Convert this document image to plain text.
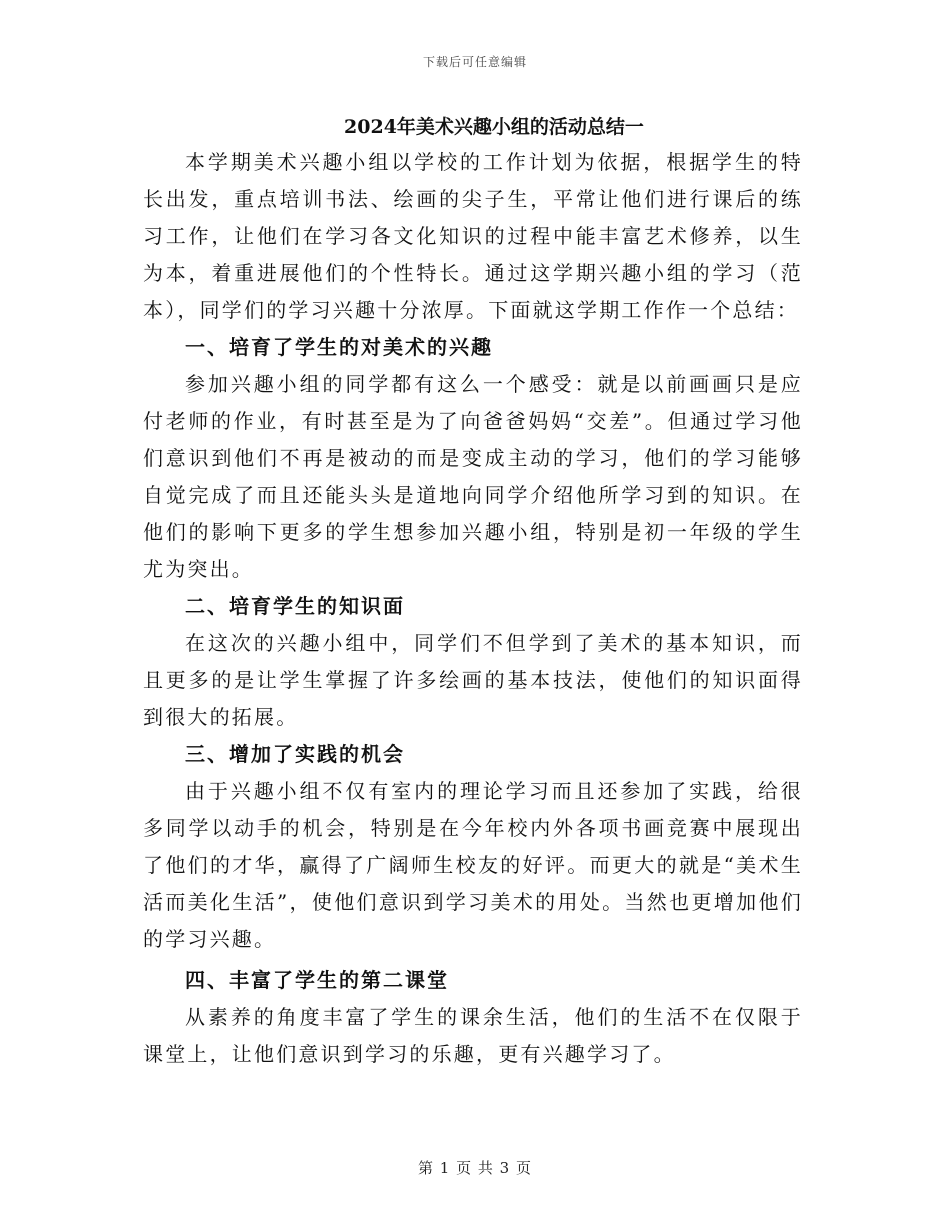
下载后可任意编辑
2024年美术兴趣小组的活动总结一

本学期美术兴趣小组以学校的工作计划为依据，根据学生的特长出发，重点培训书法、绘画的尖子生，平常让他们进行课后的练习工作，让他们在学习各文化知识的过程中能丰富艺术修养，以生为本，着重进展他们的个性特长。通过这学期兴趣小组的学习（范本），同学们的学习兴趣十分浓厚。下面就这学期工作作一个总结：

一、培育了学生的对美术的兴趣

参加兴趣小组的同学都有这么一个感受：就是以前画画只是应付老师的作业，有时甚至是为了向爸爸妈妈“交差”。但通过学习他们意识到他们不再是被动的而是变成主动的学习，他们的学习能够自觉完成了而且还能头头是道地向同学介绍他所学习到的知识。在他们的影响下更多的学生想参加兴趣小组，特别是初一年级的学生尤为突出。

二、培育学生的知识面

在这次的兴趣小组中，同学们不但学到了美术的基本知识，而且更多的是让学生掌握了许多绘画的基本技法，使他们的知识面得到很大的拓展。

三、增加了实践的机会

由于兴趣小组不仅有室内的理论学习而且还参加了实践，给很多同学以动手的机会，特别是在今年校内外各项书画竞赛中展现出了他们的才华，赢得了广阔师生校友的好评。而更大的就是“美术生活而美化生活”，使他们意识到学习美术的用处。当然也更增加他们的学习兴趣。

四、丰富了学生的第二课堂

从素养的角度丰富了学生的课余生活，他们的生活不在仅限于课堂上，让他们意识到学习的乐趣，更有兴趣学习了。

第 1 页 共 3 页
